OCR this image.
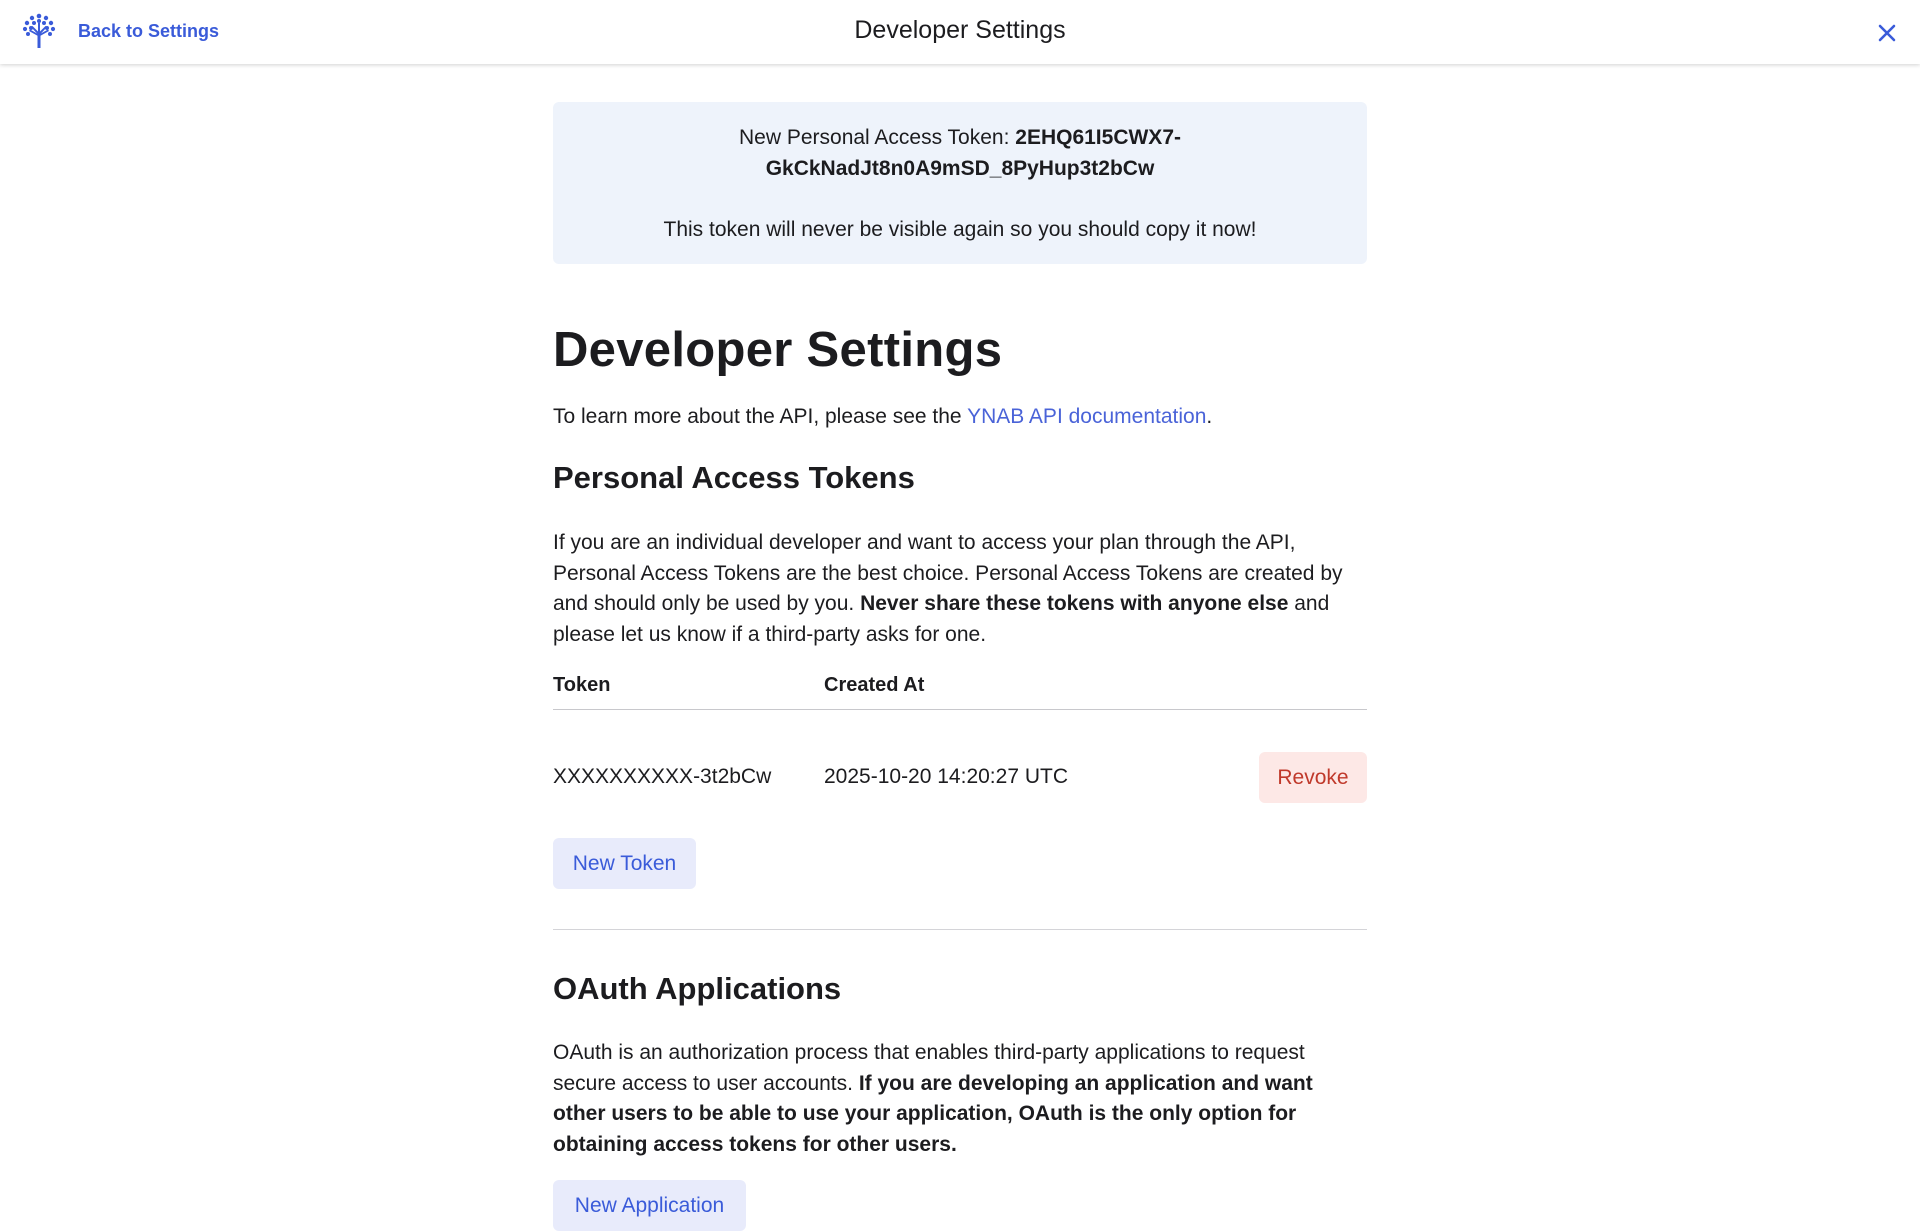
Back to Settings	Developer Settings
New Personal Access Token: 2EHQ61I5CWX7-
GkCkNadJt8n0A9mSD_8PyHup3t2bCw
This token will never be visible again so you should copy it now!
Developer Settings

To learn more about the API, please see the YNAB API documentation.

Personal Access Tokens

If you are an individual developer and want to access your plan through the API, Personal Access Tokens are the best choice. Personal Access Tokens are created by and should only be used by you. Never share these tokens with anyone else and please let us know if a third-party asks for one.

Token	Created At
XXXXXXXXXX-3t2bCw	2025-10-20 14:20:27 UTC	Revoke
New Token
OAuth Applications

OAuth is an authorization process that enables third-party applications to request secure access to user accounts. If you are developing an application and want other users to be able to use your application, OAuth is the only option for obtaining access tokens for other users.

New Application
